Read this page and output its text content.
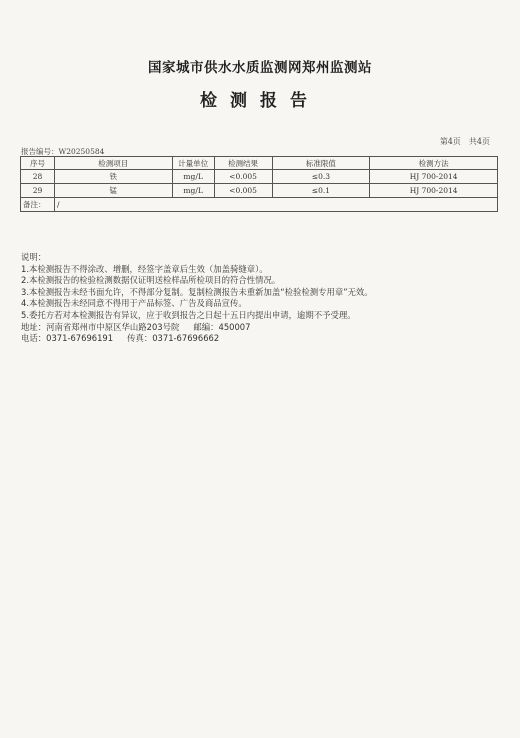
国家城市供水水质监测网郑州监测站
检测报告
第4页 共4页
报告编号：W20250584
序号	检测项目	计量单位	检测结果	标准限值	检测方法
28	铁	mg/L	<0.005	≤0.3	HJ 700-2014
29	锰	mg/L	<0.005	≤0.1	HJ 700-2014
备注：	/				
说明：
1.本检测报告不得涂改、增删，经签字盖章后生效（加盖骑缝章）。
2.本检测报告的检验检测数据仅证明送检样品所检项目的符合性情况。
3.本检测报告未经书面允许，不得部分复制。复制检测报告未重新加盖“检验检测专用章”无效。
4.本检测报告未经同意不得用于产品标签、广告及商品宣传。
5.委托方若对本检测报告有异议，应于收到报告之日起十五日内提出申请，逾期不予受理。
地址：河南省郑州市中原区华山路203号院 邮编：450007
电话：0371-67696191 传真：0371-67696662
